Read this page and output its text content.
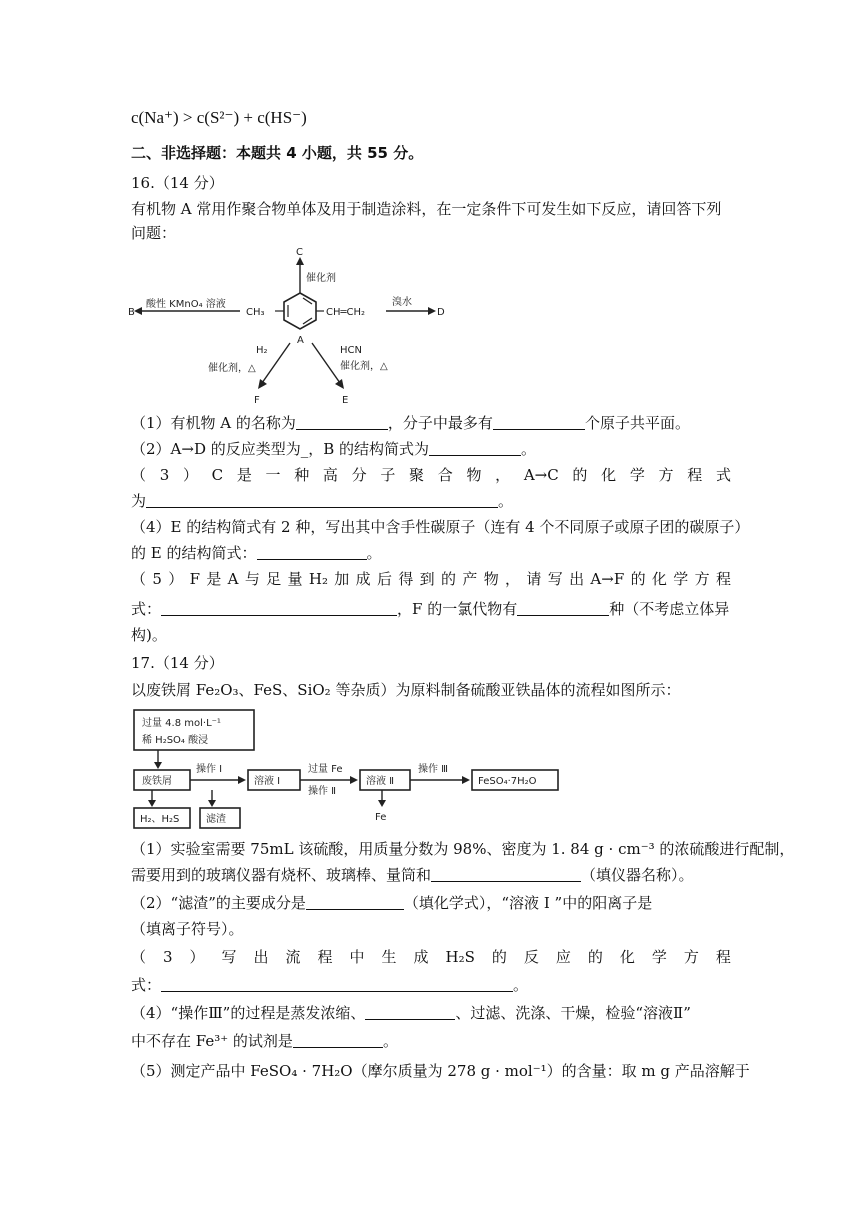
c(Na⁺) > c(S²⁻) + c(HS⁻)
二、非选择题：本题共 4 小题，共 55 分。
16.（14 分）
有机物 A 常用作聚合物单体及用于制造涂料，在一定条件下可发生如下反应，请回答下列
问题：
C
催化剂
B
酸性 KMnO₄ 溶液
CH₃	CH═CH₂
溴水
D
A
H₂
催化剂，△
F
HCN
催化剂，△
E
（1）有机物 A 的名称为	，分子中最多有	个原子共平面。
（2）A→D 的反应类型为_，B 的结构简式为	。
（ 3 ） C 是 一 种 高 分 子 聚 合 物 ， A→C 的 化 学 方 程 式
为	。
（4）E 的结构简式有 2 种，写出其中含手性碳原子（连有 4 个不同原子或原子团的碳原子）
的 E 的结构简式：	。
（ 5 ） F 是 A 与 足 量 H₂ 加 成 后 得 到 的 产 物 ， 请 写 出 A→F 的 化 学 方 程
式：	，F 的一氯代物有	种（不考虑立体异
构)。
17.（14 分）
以废铁屑 Fe₂O₃、FeS、SiO₂ 等杂质）为原料制备硫酸亚铁晶体的流程如图所示：
过量 4.8 mol·L⁻¹
稀 H₂SO₄ 酸浸
废铁屑
操作 Ⅰ
溶液 Ⅰ
过量 Fe
操作 Ⅱ
溶液 Ⅱ
操作 Ⅲ
FeSO₄·7H₂O
H₂、H₂S	滤渣	Fe
（1）实验室需要 75mL 该硫酸，用质量分数为 98%、密度为 1. 84 g · cm⁻³ 的浓硫酸进行配制，
需要用到的玻璃仪器有烧杯、玻璃棒、量筒和	（填仪器名称）。
（2）“滤渣”的主要成分是	（填化学式），“溶液 Ⅰ ”中的阳离子是
（填离子符号）。
（ 3 ） 写 出 流 程 中 生 成 H₂S 的 反 应 的 化 学 方 程
式：	。
（4）“操作Ⅲ”的过程是蒸发浓缩、	、过滤、洗涤、干燥，检验“溶液Ⅱ”
中不存在 Fe³⁺ 的试剂是	。
（5）测定产品中 FeSO₄ · 7H₂O（摩尔质量为 278 g · mol⁻¹）的含量：取 m g 产品溶解于
